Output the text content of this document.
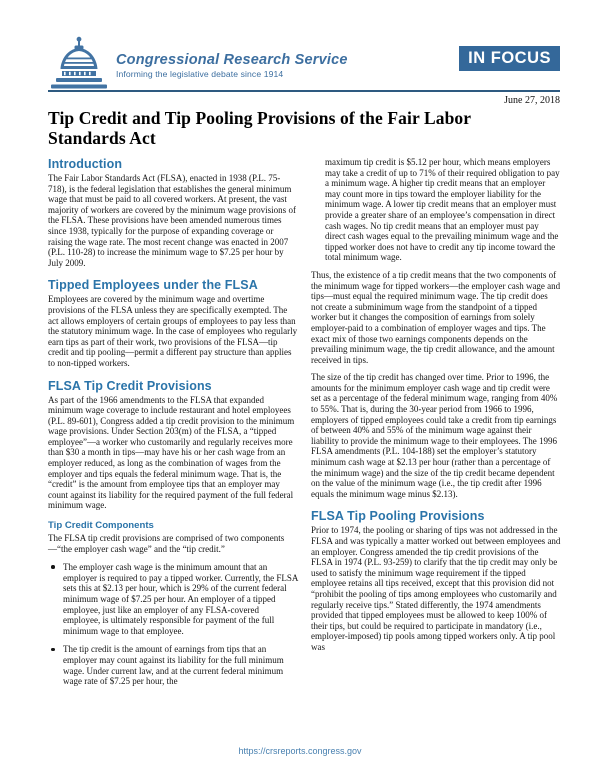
Congressional Research Service
Informing the legislative debate since 1914
IN FOCUS
June 27, 2018
Tip Credit and Tip Pooling Provisions of the Fair Labor Standards Act
Introduction

The Fair Labor Standards Act (FLSA), enacted in 1938 (P.L. 75-718), is the federal legislation that establishes the general minimum wage that must be paid to all covered workers. At present, the vast majority of workers are covered by the minimum wage provisions of the FLSA. These provisions have been amended numerous times since 1938, typically for the purpose of expanding coverage or raising the wage rate. The most recent change was enacted in 2007 (P.L. 110-28) to increase the minimum wage to $7.25 per hour by July 2009.

Tipped Employees under the FLSA

Employees are covered by the minimum wage and overtime provisions of the FLSA unless they are specifically exempted. The act allows employers of certain groups of employees to pay less than the statutory minimum wage. In the case of employees who regularly earn tips as part of their work, two provisions of the FLSA—tip credit and tip pooling—permit a different pay structure than applies to non-tipped workers.

FLSA Tip Credit Provisions

As part of the 1966 amendments to the FLSA that expanded minimum wage coverage to include restaurant and hotel employees (P.L. 89-601), Congress added a tip credit provision to the minimum wage provisions. Under Section 203(m) of the FLSA, a “tipped employee”—a worker who customarily and regularly receives more than $30 a month in tips—may have his or her cash wage from an employer reduced, as long as the combination of wages from the employer and tips equals the federal minimum wage. That is, the “credit” is the amount from employee tips that an employer may count against its liability for the required payment of the full federal minimum wage.

Tip Credit Components

The FLSA tip credit provisions are comprised of two components—“the employer cash wage” and the “tip credit.”

The employer cash wage is the minimum amount that an employer is required to pay a tipped worker. Currently, the FLSA sets this at $2.13 per hour, which is 29% of the current federal minimum wage of $7.25 per hour. An employer of a tipped employee, just like an employer of any FLSA-covered employee, is ultimately responsible for payment of the full minimum wage to that employee.
The tip credit is the amount of earnings from tips that an employer may count against its liability for the full minimum wage. Under current law, and at the current federal minimum wage rate of $7.25 per hour, the

maximum tip credit is $5.12 per hour, which means employers may take a credit of up to 71% of their required obligation to pay a minimum wage. A higher tip credit means that an employer may count more in tips toward the employer liability for the minimum wage. A lower tip credit means that an employer must provide a greater share of an employee’s compensation in direct cash wages. No tip credit means that an employer must pay direct cash wages equal to the prevailing minimum wage and the tipped worker does not have to credit any tip income toward the total minimum wage.

Thus, the existence of a tip credit means that the two components of the minimum wage for tipped workers—the employer cash wage and tips—must equal the required minimum wage. The tip credit does not create a subminimum wage from the standpoint of a tipped worker but it changes the composition of earnings from solely employer-paid to a combination of employer wages and tips. The exact mix of those two earnings components depends on the prevailing minimum wage, the tip credit allowance, and the amount received in tips.

The size of the tip credit has changed over time. Prior to 1996, the amounts for the minimum employer cash wage and tip credit were set as a percentage of the federal minimum wage, ranging from 40% to 55%. That is, during the 30-year period from 1966 to 1996, employers of tipped employees could take a credit from tip earnings of between 40% and 55% of the minimum wage against their liability to provide the minimum wage to their employees. The 1996 FLSA amendments (P.L. 104-188) set the employer’s statutory minimum cash wage at $2.13 per hour (rather than a percentage of the minimum wage) and the size of the tip credit became dependent on the value of the minimum wage (i.e., the tip credit after 1996 equals the minimum wage minus $2.13).

FLSA Tip Pooling Provisions

Prior to 1974, the pooling or sharing of tips was not addressed in the FLSA and was typically a matter worked out between employees and an employer. Congress amended the tip credit provisions of the FLSA in 1974 (P.L. 93-259) to clarify that the tip credit may only be used to satisfy the minimum wage requirement if the tipped employee retains all tips received, except that this provision did not “prohibit the pooling of tips among employees who customarily and regularly receive tips.” Stated differently, the 1974 amendments provided that tipped employees must be allowed to keep 100% of their tips, but could be required to participate in mandatory (i.e., employer-imposed) tip pools among tipped workers only. A tip pool was

https://crsreports.congress.gov
